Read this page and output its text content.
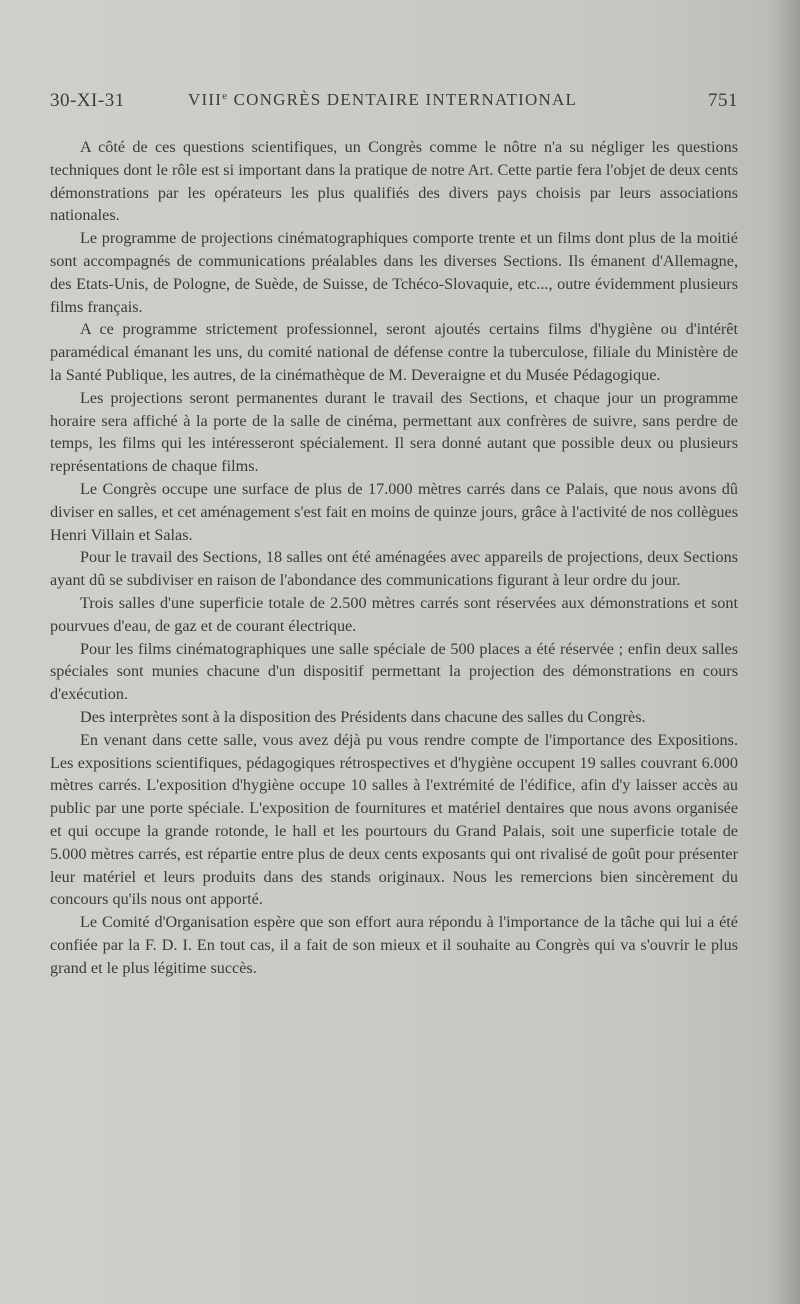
30-XI-31	VIIIe CONGRÈS DENTAIRE INTERNATIONAL	751

A côté de ces questions scientifiques, un Congrès comme le nôtre n'a su négliger les questions techniques dont le rôle est si important dans la pratique de notre Art. Cette partie fera l'objet de deux cents démonstrations par les opérateurs les plus qualifiés des divers pays choisis par leurs associations nationales.

Le programme de projections cinématographiques comporte trente et un films dont plus de la moitié sont accompagnés de communications préalables dans les diverses Sections. Ils émanent d'Allemagne, des Etats-Unis, de Pologne, de Suède, de Suisse, de Tchéco-Slovaquie, etc..., outre évidemment plusieurs films français.

A ce programme strictement professionnel, seront ajoutés certains films d'hygiène ou d'intérêt paramédical émanant les uns, du comité national de défense contre la tuberculose, filiale du Ministère de la Santé Publique, les autres, de la cinémathèque de M. Deveraigne et du Musée Pédagogique.

Les projections seront permanentes durant le travail des Sections, et chaque jour un programme horaire sera affiché à la porte de la salle de cinéma, permettant aux confrères de suivre, sans perdre de temps, les films qui les intéresseront spécialement. Il sera donné autant que possible deux ou plusieurs représentations de chaque films.

Le Congrès occupe une surface de plus de 17.000 mètres carrés dans ce Palais, que nous avons dû diviser en salles, et cet aménagement s'est fait en moins de quinze jours, grâce à l'activité de nos collègues Henri Villain et Salas.

Pour le travail des Sections, 18 salles ont été aménagées avec appareils de projections, deux Sections ayant dû se subdiviser en raison de l'abondance des communications figurant à leur ordre du jour.

Trois salles d'une superficie totale de 2.500 mètres carrés sont réservées aux démonstrations et sont pourvues d'eau, de gaz et de courant électrique.

Pour les films cinématographiques une salle spéciale de 500 places a été réservée ; enfin deux salles spéciales sont munies chacune d'un dispositif permettant la projection des démonstrations en cours d'exécution.

Des interprètes sont à la disposition des Présidents dans chacune des salles du Congrès.

En venant dans cette salle, vous avez déjà pu vous rendre compte de l'importance des Expositions. Les expositions scientifiques, pédagogiques rétrospectives et d'hygiène occupent 19 salles couvrant 6.000 mètres carrés. L'exposition d'hygiène occupe 10 salles à l'extrémité de l'édifice, afin d'y laisser accès au public par une porte spéciale. L'exposition de fournitures et matériel dentaires que nous avons organisée et qui occupe la grande rotonde, le hall et les pourtours du Grand Palais, soit une superficie totale de 5.000 mètres carrés, est répartie entre plus de deux cents exposants qui ont rivalisé de goût pour présenter leur matériel et leurs produits dans des stands originaux. Nous les remercions bien sincèrement du concours qu'ils nous ont apporté.

Le Comité d'Organisation espère que son effort aura répondu à l'importance de la tâche qui lui a été confiée par la F. D. I. En tout cas, il a fait de son mieux et il souhaite au Congrès qui va s'ouvrir le plus grand et le plus légitime succès.
